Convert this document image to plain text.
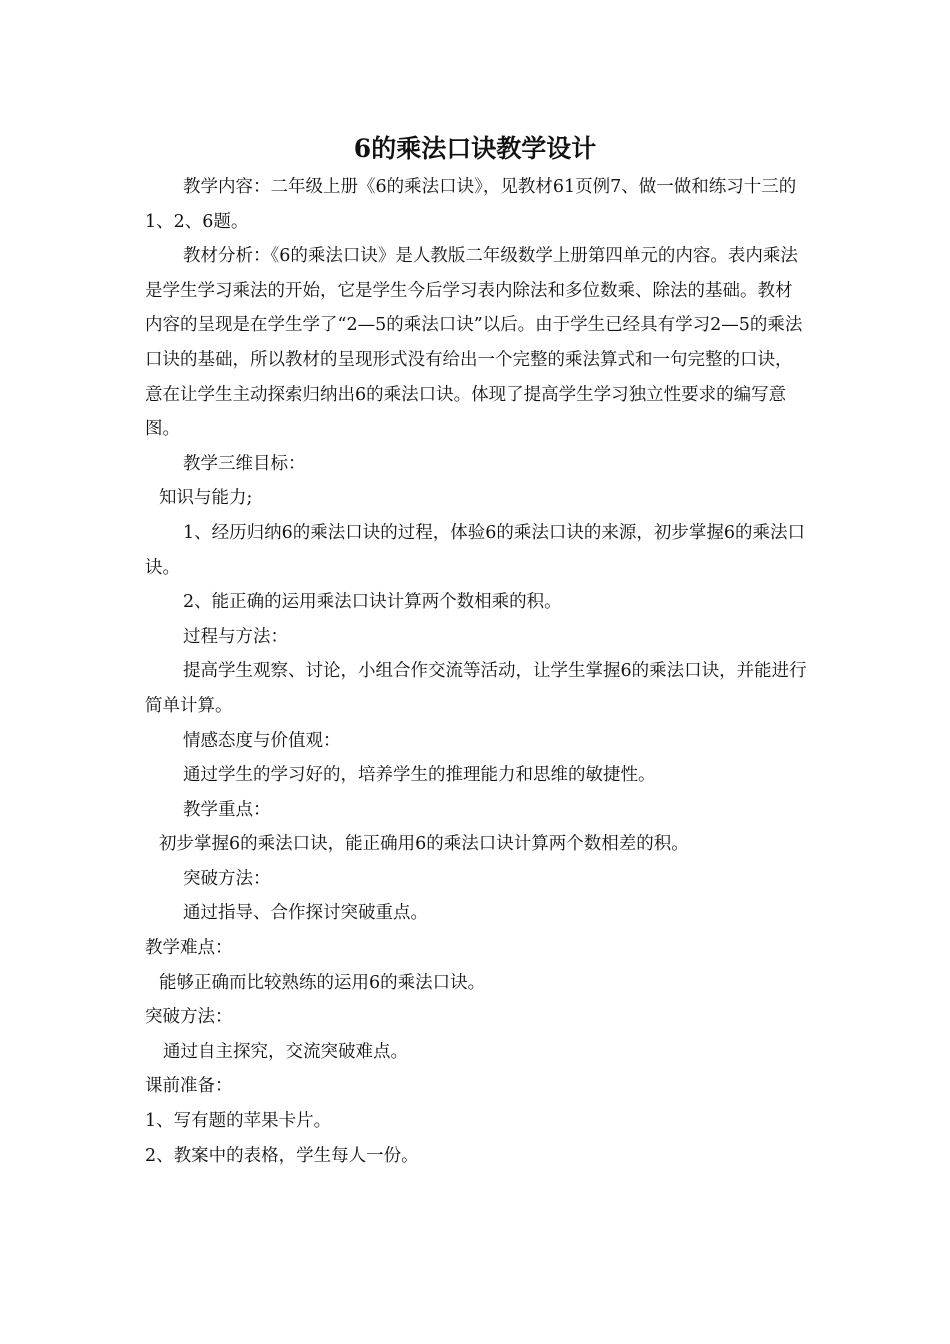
6的乘法口诀教学设计

教学内容：二年级上册《6的乘法口诀》，见教材61页例7、做一做和练习十三的1、2、6题。

教材分析：《6的乘法口诀》是人教版二年级数学上册第四单元的内容。表内乘法是学生学习乘法的开始，它是学生今后学习表内除法和多位数乘、除法的基础。教材内容的呈现是在学生学了“2—5的乘法口诀”以后。由于学生已经具有学习2—5的乘法口诀的基础，所以教材的呈现形式没有给出一个完整的乘法算式和一句完整的口诀，意在让学生主动探索归纳出6的乘法口诀。体现了提高学生学习独立性要求的编写意图。

教学三维目标：

知识与能力;

1、经历归纳6的乘法口诀的过程，体验6的乘法口诀的来源，初步掌握6的乘法口诀。

2、能正确的运用乘法口诀计算两个数相乘的积。

过程与方法：

提高学生观察、讨论，小组合作交流等活动，让学生掌握6的乘法口诀，并能进行简单计算。

情感态度与价值观：

通过学生的学习好的，培养学生的推理能力和思维的敏捷性。

教学重点：

初步掌握6的乘法口诀，能正确用6的乘法口诀计算两个数相差的积。

突破方法：

通过指导、合作探讨突破重点。

教学难点：

能够正确而比较熟练的运用6的乘法口诀。

突破方法：

通过自主探究，交流突破难点。

课前准备：

1、写有题的苹果卡片。

2、教案中的表格，学生每人一份。
